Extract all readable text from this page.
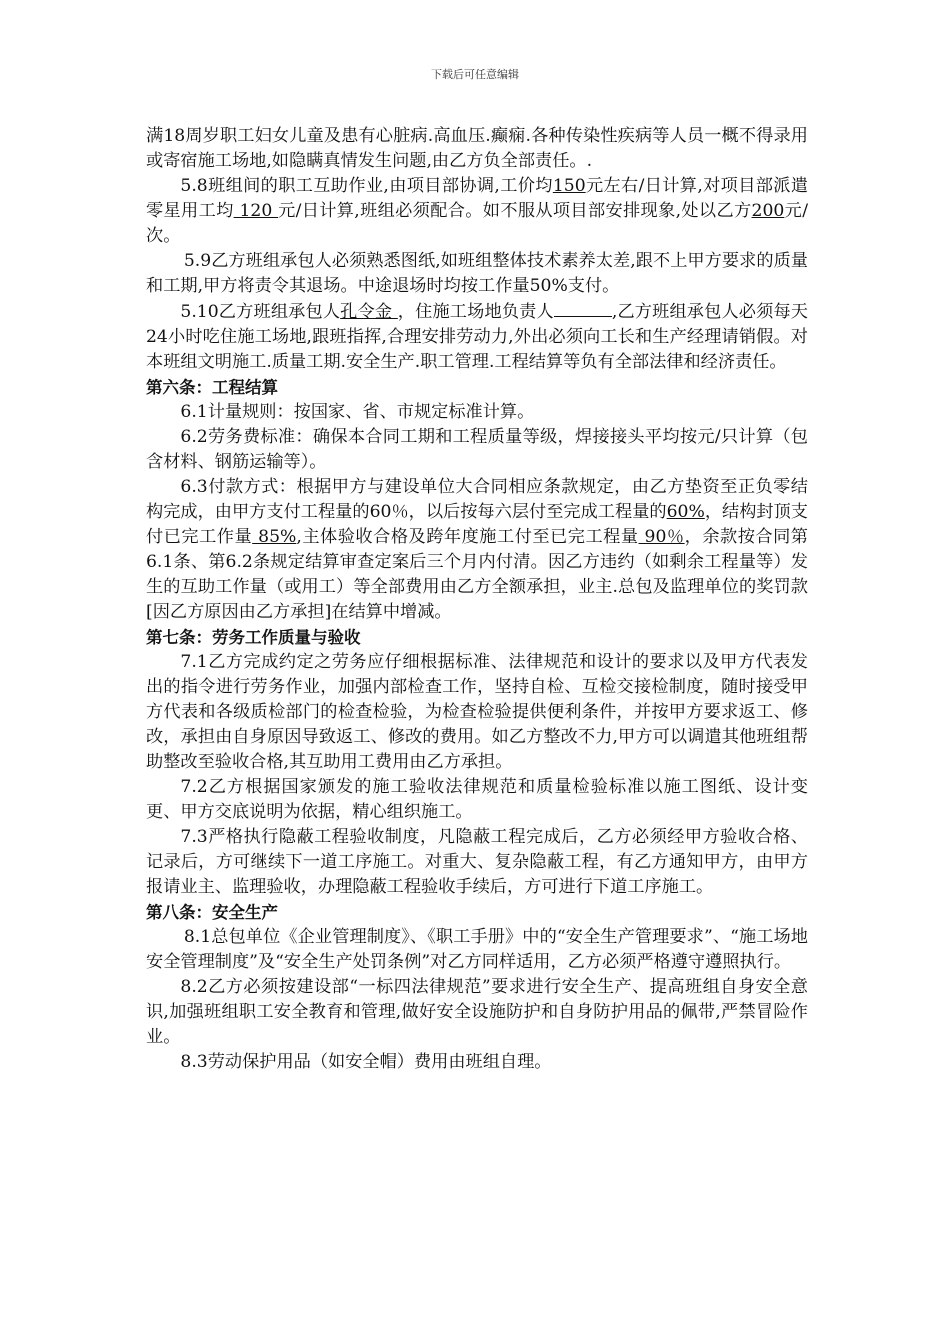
下载后可任意编辑

满18周岁职工妇女儿童及患有心脏病.高血压.癫痫.各种传染性疾病等人员一概不得录用或寄宿施工场地,如隐瞒真情发生问题,由乙方负全部责任。.

5.8班组间的职工互助作业,由项目部协调,工价均150元左右/日计算,对项目部派遣零星用工均 120 元/日计算,班组必须配合。如不服从项目部安排现象,处以乙方200元/次。

5.9乙方班组承包人必须熟悉图纸,如班组整体技术素养太差,跟不上甲方要求的质量和工期,甲方将责令其退场。中途退场时均按工作量50%支付。

5.10乙方班组承包人孔令金 ，住施工场地负责人	,乙方班组承包人必须每天24小时吃住施工场地,跟班指挥,合理安排劳动力,外出必须向工长和生产经理请销假。对本班组文明施工.质量工期.安全生产.职工管理.工程结算等负有全部法律和经济责任。

第六条：工程结算

6.1计量规则：按国家、省、市规定标准计算。

6.2劳务费标准：确保本合同工期和工程质量等级，焊接接头平均按元/只计算（包含材料、钢筋运输等）。

6.3付款方式：根据甲方与建设单位大合同相应条款规定，由乙方垫资至正负零结构完成，由甲方支付工程量的60％，以后按每六层付至完成工程量的60%，结构封顶支付已完工作量 85%,主体验收合格及跨年度施工付至已完工程量 90％，余款按合同第6.1条、第6.2条规定结算审查定案后三个月内付清。因乙方违约（如剩余工程量等）发生的互助工作量（或用工）等全部费用由乙方全额承担，业主.总包及监理单位的奖罚款[因乙方原因由乙方承担]在结算中增减。

第七条：劳务工作质量与验收

7.1乙方完成约定之劳务应仔细根据标准、法律规范和设计的要求以及甲方代表发出的指令进行劳务作业，加强内部检查工作，坚持自检、互检交接检制度，随时接受甲方代表和各级质检部门的检查检验，为检查检验提供便利条件，并按甲方要求返工、修改，承担由自身原因导致返工、修改的费用。如乙方整改不力,甲方可以调遣其他班组帮助整改至验收合格,其互助用工费用由乙方承担。

7.2乙方根据国家颁发的施工验收法律规范和质量检验标准以施工图纸、设计变更、甲方交底说明为依据，精心组织施工。

7.3严格执行隐蔽工程验收制度，凡隐蔽工程完成后，乙方必须经甲方验收合格、记录后，方可继续下一道工序施工。对重大、复杂隐蔽工程，有乙方通知甲方，由甲方报请业主、监理验收，办理隐蔽工程验收手续后，方可进行下道工序施工。

第八条：安全生产

8.1总包单位《企业管理制度》、《职工手册》中的“安全生产管理要求”、“施工场地安全管理制度”及“安全生产处罚条例”对乙方同样适用，乙方必须严格遵守遵照执行。

8.2乙方必须按建设部“一标四法律规范”要求进行安全生产、提高班组自身安全意识,加强班组职工安全教育和管理,做好安全设施防护和自身防护用品的佩带,严禁冒险作业。

8.3劳动保护用品（如安全帽）费用由班组自理。
